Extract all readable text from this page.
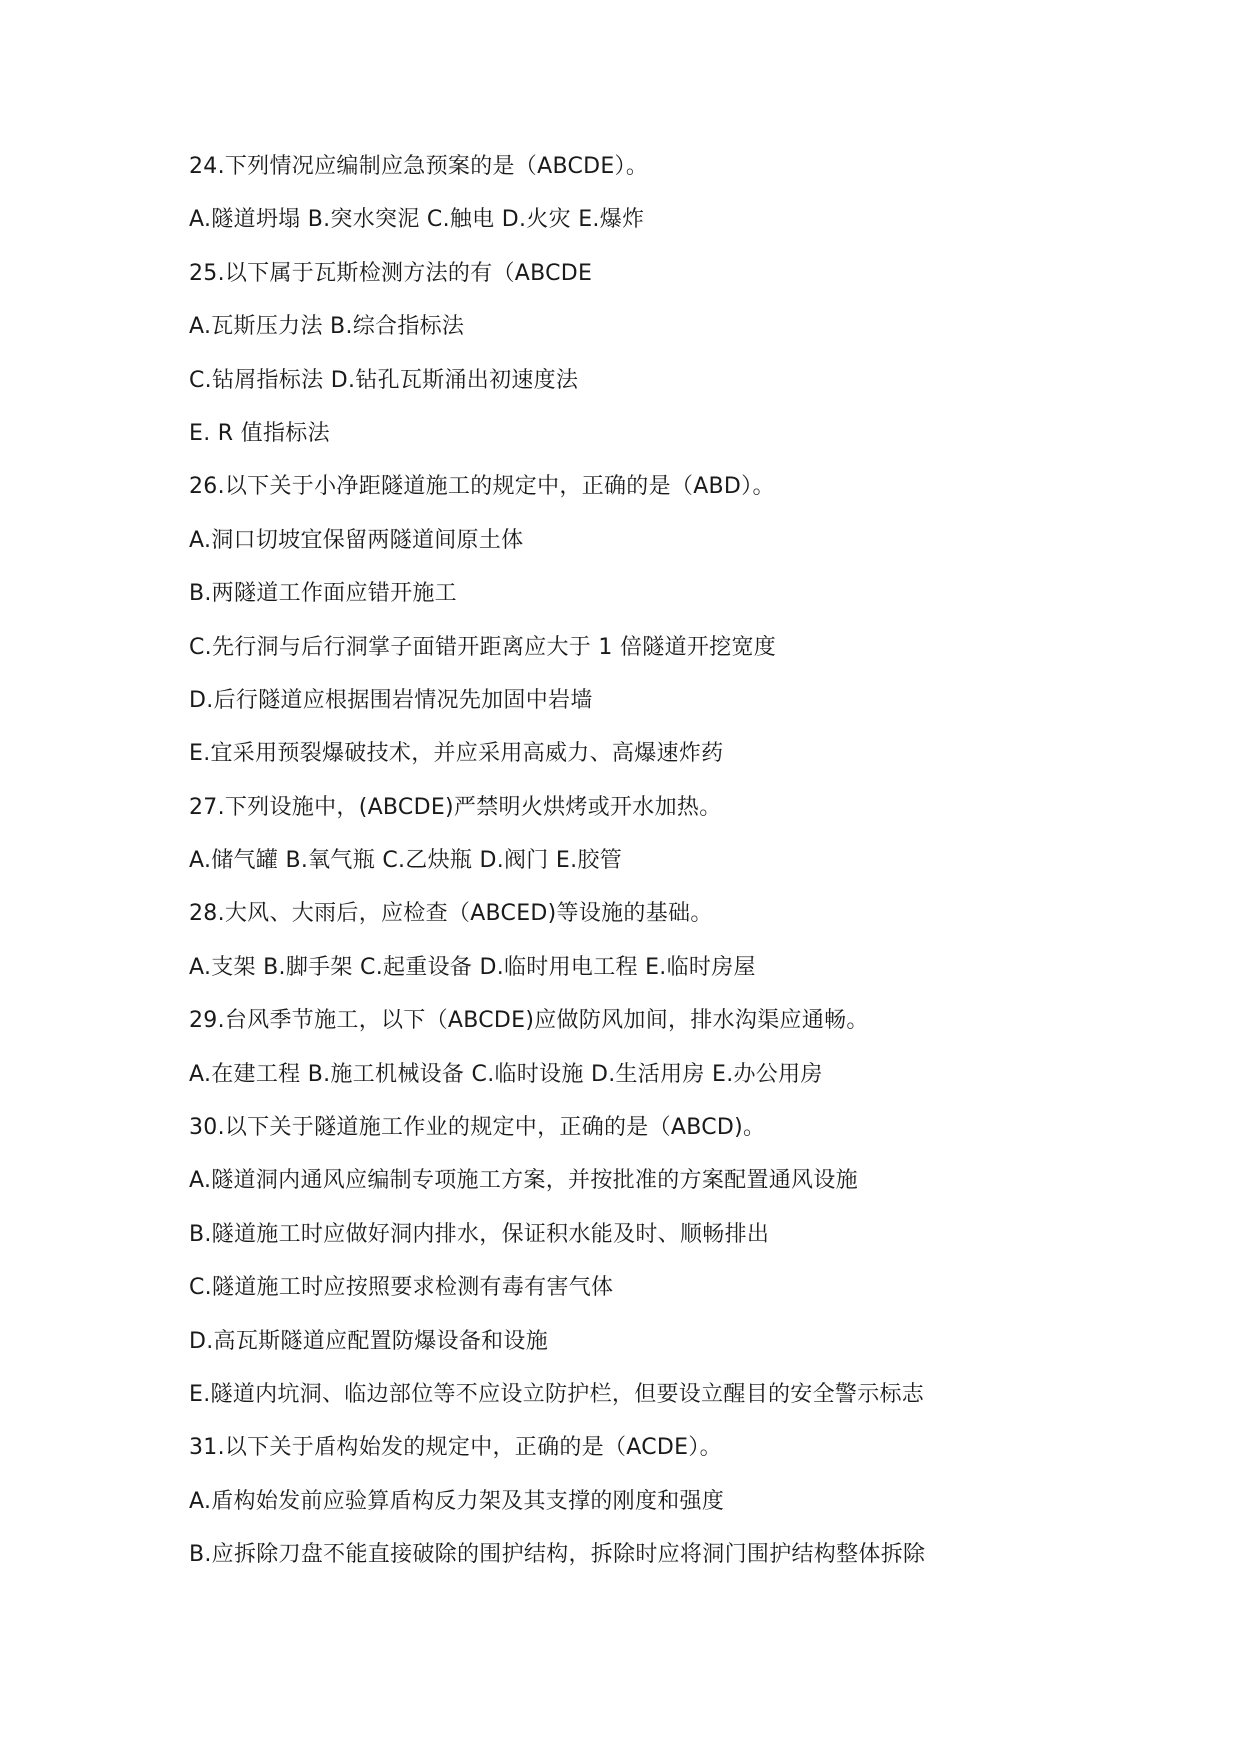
24.下列情况应编制应急预案的是（ABCDE）。
A.隧道坍塌 B.突水突泥 C.触电 D.火灾 E.爆炸
25.以下属于瓦斯检测方法的有（ABCDE
A.瓦斯压力法 B.综合指标法
C.钻屑指标法 D.钻孔瓦斯涌出初速度法
E. R 值指标法
26.以下关于小净距隧道施工的规定中，正确的是（ABD）。
A.洞口切坡宜保留两隧道间原土体
B.两隧道工作面应错开施工
C.先行洞与后行洞掌子面错开距离应大于 1 倍隧道开挖宽度
D.后行隧道应根据围岩情况先加固中岩墙
E.宜采用预裂爆破技术，并应采用高威力、高爆速炸药
27.下列设施中，(ABCDE)严禁明火烘烤或开水加热。
A.储气罐 B.氧气瓶 C.乙炔瓶 D.阀门 E.胶管
28.大风、大雨后，应检查（ABCED)等设施的基础。
A.支架 B.脚手架 C.起重设备 D.临时用电工程 E.临时房屋
29.台风季节施工，以下（ABCDE)应做防风加间，排水沟渠应通畅。
A.在建工程 B.施工机械设备 C.临时设施 D.生活用房 E.办公用房
30.以下关于隧道施工作业的规定中，正确的是（ABCD)。
A.隧道洞内通风应编制专项施工方案，并按批准的方案配置通风设施
B.隧道施工时应做好洞内排水，保证积水能及时、顺畅排出
C.隧道施工时应按照要求检测有毒有害气体
D.高瓦斯隧道应配置防爆设备和设施
E.隧道内坑洞、临边部位等不应设立防护栏，但要设立醒目的安全警示标志
31.以下关于盾构始发的规定中，正确的是（ACDE）。
A.盾构始发前应验算盾构反力架及其支撑的刚度和强度
B.应拆除刀盘不能直接破除的围护结构，拆除时应将洞门围护结构整体拆除
